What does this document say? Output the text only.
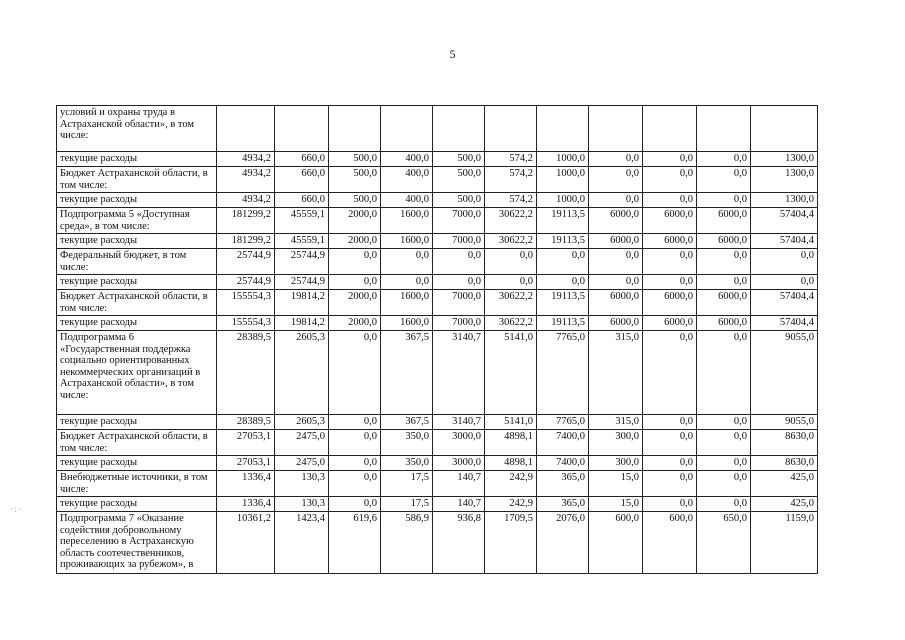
5
· : ·
условий и охраны труда в Астраханской области», в том числе:											
текущие расходы	4934,2	660,0	500,0	400,0	500,0	574,2	1000,0	0,0	0,0	0,0	1300,0
Бюджет Астраханской области, в том числе:	4934,2	660,0	500,0	400,0	500,0	574,2	1000,0	0,0	0,0	0,0	1300,0
текущие расходы	4934,2	660,0	500,0	400,0	500,0	574,2	1000,0	0,0	0,0	0,0	1300,0
Подпрограмма 5 «Доступная среда», в том числе:	181299,2	45559,1	2000,0	1600,0	7000,0	30622,2	19113,5	6000,0	6000,0	6000,0	57404,4
текущие расходы	181299,2	45559,1	2000,0	1600,0	7000,0	30622,2	19113,5	6000,0	6000,0	6000,0	57404,4
Федеральный бюджет, в том числе:	25744,9	25744,9	0,0	0,0	0,0	0,0	0,0	0,0	0,0	0,0	0,0
текущие расходы	25744,9	25744,9	0,0	0,0	0,0	0,0	0,0	0,0	0,0	0,0	0,0
Бюджет Астраханской области, в том числе:	155554,3	19814,2	2000,0	1600,0	7000,0	30622,2	19113,5	6000,0	6000,0	6000,0	57404,4
текущие расходы	155554,3	19814,2	2000,0	1600,0	7000,0	30622,2	19113,5	6000,0	6000,0	6000,0	57404,4
Подпрограмма 6 «Государственная поддержка социально ориентированных некоммерческих организаций в Астраханской области», в том числе:	28389,5	2605,3	0,0	367,5	3140,7	5141,0	7765,0	315,0	0,0	0,0	9055,0
текущие расходы	28389,5	2605,3	0,0	367,5	3140,7	5141,0	7765,0	315,0	0,0	0,0	9055,0
Бюджет Астраханской области, в том числе:	27053,1	2475,0	0,0	350,0	3000,0	4898,1	7400,0	300,0	0,0	0,0	8630,0
текущие расходы	27053,1	2475,0	0,0	350,0	3000,0	4898,1	7400,0	300,0	0,0	0,0	8630,0
Внебюджетные источники, в том числе:	1336,4	130,3	0,0	17,5	140,7	242,9	365,0	15,0	0,0	0,0	425,0
текущие расходы	1336,4	130,3	0,0	17,5	140,7	242,9	365,0	15,0	0,0	0,0	425,0
Подпрограмма 7 «Оказание содействия добровольному переселению в Астраханскую область соотечественников, проживающих за рубежом», в	10361,2	1423,4	619,6	586,9	936,8	1709,5	2076,0	600,0	600,0	650,0	1159,0
